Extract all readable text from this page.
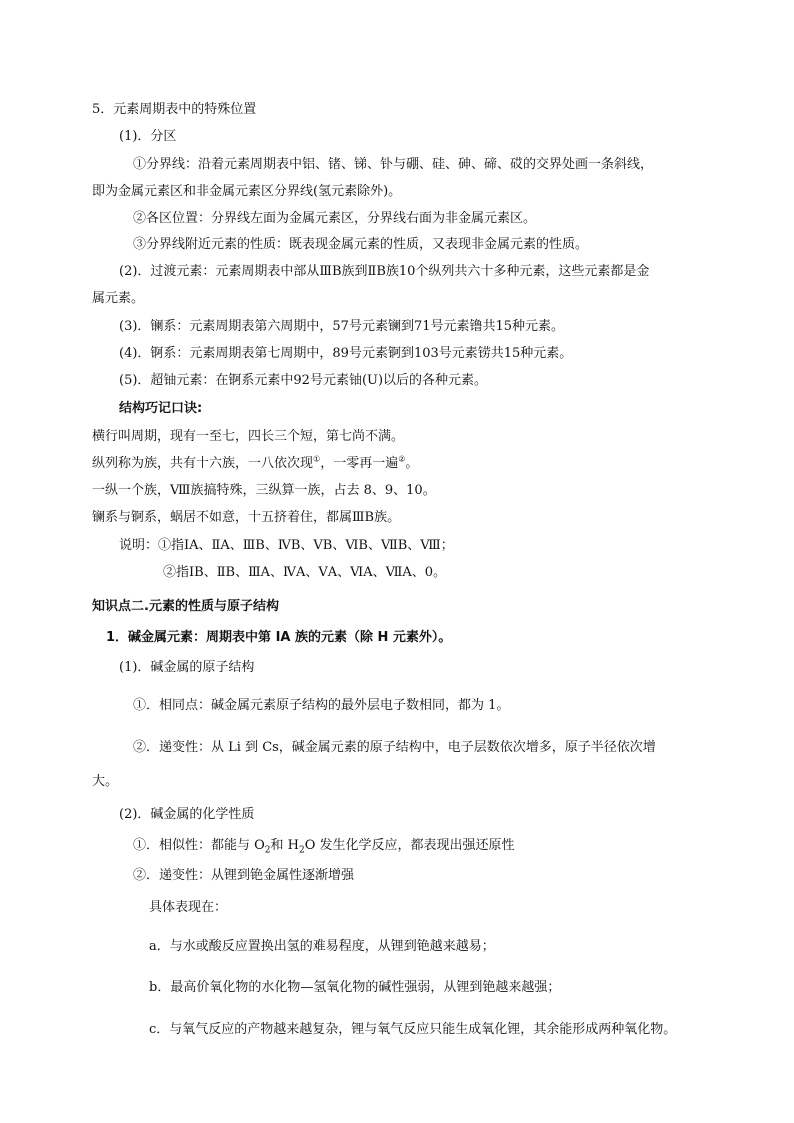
5．元素周期表中的特殊位置
(1)．分区
①分界线：沿着元素周期表中铝、锗、锑、钋与硼、硅、砷、碲、砹的交界处画一条斜线，
即为金属元素区和非金属元素区分界线(氢元素除外)。
②各区位置：分界线左面为金属元素区，分界线右面为非金属元素区。
③分界线附近元素的性质：既表现金属元素的性质，又表现非金属元素的性质。
(2)．过渡元素：元素周期表中部从ⅢB族到ⅡB族10个纵列共六十多种元素，这些元素都是金
属元素。
(3)．镧系：元素周期表第六周期中，57号元素镧到71号元素镥共15种元素。
(4)．锕系：元素周期表第七周期中，89号元素锕到103号元素铹共15种元素。
(5)．超铀元素：在锕系元素中92号元素铀(U)以后的各种元素。
结构巧记口诀:
横行叫周期，现有一至七，四长三个短，第七尚不满。
纵列称为族，共有十六族，一八依次现①，一零再一遍②。
一纵一个族，Ⅷ族搞特殊，三纵算一族，占去 8、9、10。
镧系与锕系，蜗居不如意，十五挤着住，都属ⅢB族。
说明：①指ⅠA、ⅡA、ⅢB、ⅣB、ⅤB、ⅥB、ⅦB、Ⅷ；
②指ⅠB、ⅡB、ⅢA、ⅣA、ⅤA、ⅥA、ⅦA、0。
知识点二.元素的性质与原子结构
1．碱金属元素：周期表中第 IA 族的元素（除 H 元素外）。
(1)．碱金属的原子结构
①．相同点：碱金属元素原子结构的最外层电子数相同，都为 1。
②．递变性：从 Li 到 Cs，碱金属元素的原子结构中，电子层数依次增多，原子半径依次增
大。
(2)．碱金属的化学性质
①．相似性：都能与 $O_2$和 $H_2O$ 发生化学反应，都表现出强还原性
②．递变性：从锂到铯金属性逐渐增强
具体表现在：
a．与水或酸反应置换出氢的难易程度，从锂到铯越来越易；
b．最高价氧化物的水化物—氢氧化物的碱性强弱，从锂到铯越来越强；
c．与氧气反应的产物越来越复杂，锂与氧气反应只能生成氧化锂，其余能形成两种氧化物。
